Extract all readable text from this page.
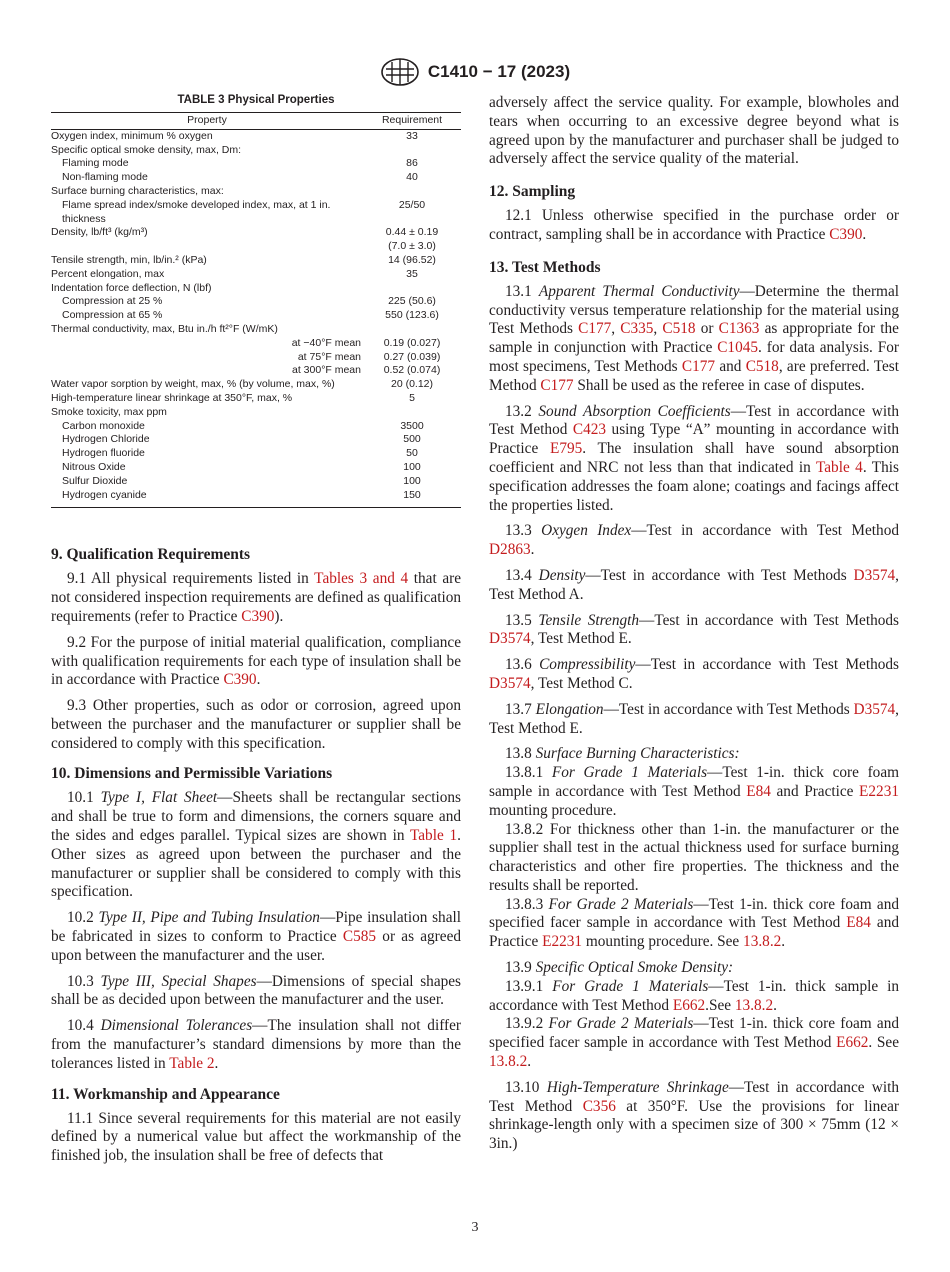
C1410 − 17 (2023)
TABLE 3 Physical Properties
Property	Requirement
Oxygen index, minimum % oxygen	33
Specific optical smoke density, max, Dm:	
Flaming mode	86
Non-flaming mode	40
Surface burning characteristics, max:	
Flame spread index/smoke developed index, max, at 1 in. thickness	25/50
Density, lb/ft³ (kg/m³)	0.44 ± 0.19
	(7.0 ± 3.0)
Tensile strength, min, lb/in.² (kPa)	14 (96.52)
Percent elongation, max	35
Indentation force deflection, N (lbf)	
Compression at 25 %	225 (50.6)
Compression at 65 %	550 (123.6)
Thermal conductivity, max, Btu in./h ft²°F (W/mK)	
at −40°F mean	0.19 (0.027)
at 75°F mean	0.27 (0.039)
at 300°F mean	0.52 (0.074)
Water vapor sorption by weight, max, % (by volume, max, %)	20 (0.12)
High-temperature linear shrinkage at 350°F, max, %	5
Smoke toxicity, max ppm	
Carbon monoxide	3500
Hydrogen Chloride	500
Hydrogen fluoride	50
Nitrous Oxide	100
Sulfur Dioxide	100
Hydrogen cyanide	150
9. Qualification Requirements

9.1 All physical requirements listed in Tables 3 and 4 that are not considered inspection requirements are defined as qualification requirements (refer to Practice C390).

9.2 For the purpose of initial material qualification, compliance with qualification requirements for each type of insulation shall be in accordance with Practice C390.

9.3 Other properties, such as odor or corrosion, agreed upon between the purchaser and the manufacturer or supplier shall be considered to comply with this specification.

10. Dimensions and Permissible Variations

10.1 Type I, Flat Sheet—Sheets shall be rectangular sections and shall be true to form and dimensions, the corners square and the sides and edges parallel. Typical sizes are shown in Table 1. Other sizes as agreed upon between the purchaser and the manufacturer or supplier shall be considered to comply with this specification.

10.2 Type II, Pipe and Tubing Insulation—Pipe insulation shall be fabricated in sizes to conform to Practice C585 or as agreed upon between the manufacturer and the user.

10.3 Type III, Special Shapes—Dimensions of special shapes shall be as decided upon between the manufacturer and the user.

10.4 Dimensional Tolerances—The insulation shall not differ from the manufacturer’s standard dimensions by more than the tolerances listed in Table 2.

11. Workmanship and Appearance

11.1 Since several requirements for this material are not easily defined by a numerical value but affect the workmanship of the finished job, the insulation shall be free of defects that

adversely affect the service quality. For example, blowholes and tears when occurring to an excessive degree beyond what is agreed upon by the manufacturer and purchaser shall be judged to adversely affect the service quality of the material.

12. Sampling

12.1 Unless otherwise specified in the purchase order or contract, sampling shall be in accordance with Practice C390.

13. Test Methods

13.1 Apparent Thermal Conductivity—Determine the thermal conductivity versus temperature relationship for the material using Test Methods C177, C335, C518 or C1363 as appropriate for the sample in conjunction with Practice C1045. for data analysis. For most specimens, Test Methods C177 and C518, are preferred. Test Method C177 Shall be used as the referee in case of disputes.

13.2 Sound Absorption Coefficients—Test in accordance with Test Method C423 using Type “A” mounting in accordance with Practice E795. The insulation shall have sound absorption coefficient and NRC not less than that indicated in Table 4. This specification addresses the foam alone; coatings and facings affect the properties listed.

13.3 Oxygen Index—Test in accordance with Test Method D2863.

13.4 Density—Test in accordance with Test Methods D3574, Test Method A.

13.5 Tensile Strength—Test in accordance with Test Methods D3574, Test Method E.

13.6 Compressibility—Test in accordance with Test Methods D3574, Test Method C.

13.7 Elongation—Test in accordance with Test Methods D3574, Test Method E.

13.8 Surface Burning Characteristics:

13.8.1 For Grade 1 Materials—Test 1-in. thick core foam sample in accordance with Test Method E84 and Practice E2231 mounting procedure.

13.8.2 For thickness other than 1-in. the manufacturer or the supplier shall test in the actual thickness used for surface burning characteristics and other fire properties. The thickness and the results shall be reported.

13.8.3 For Grade 2 Materials—Test 1-in. thick core foam and specified facer sample in accordance with Test Method E84 and Practice E2231 mounting procedure. See 13.8.2.

13.9 Specific Optical Smoke Density:

13.9.1 For Grade 1 Materials—Test 1-in. thick sample in accordance with Test Method E662.See 13.8.2.

13.9.2 For Grade 2 Materials—Test 1-in. thick core foam and specified facer sample in accordance with Test Method E662. See 13.8.2.

13.10 High-Temperature Shrinkage—Test in accordance with Test Method C356 at 350°F. Use the provisions for linear shrinkage-length only with a specimen size of 300 × 75mm (12 × 3in.)

3
